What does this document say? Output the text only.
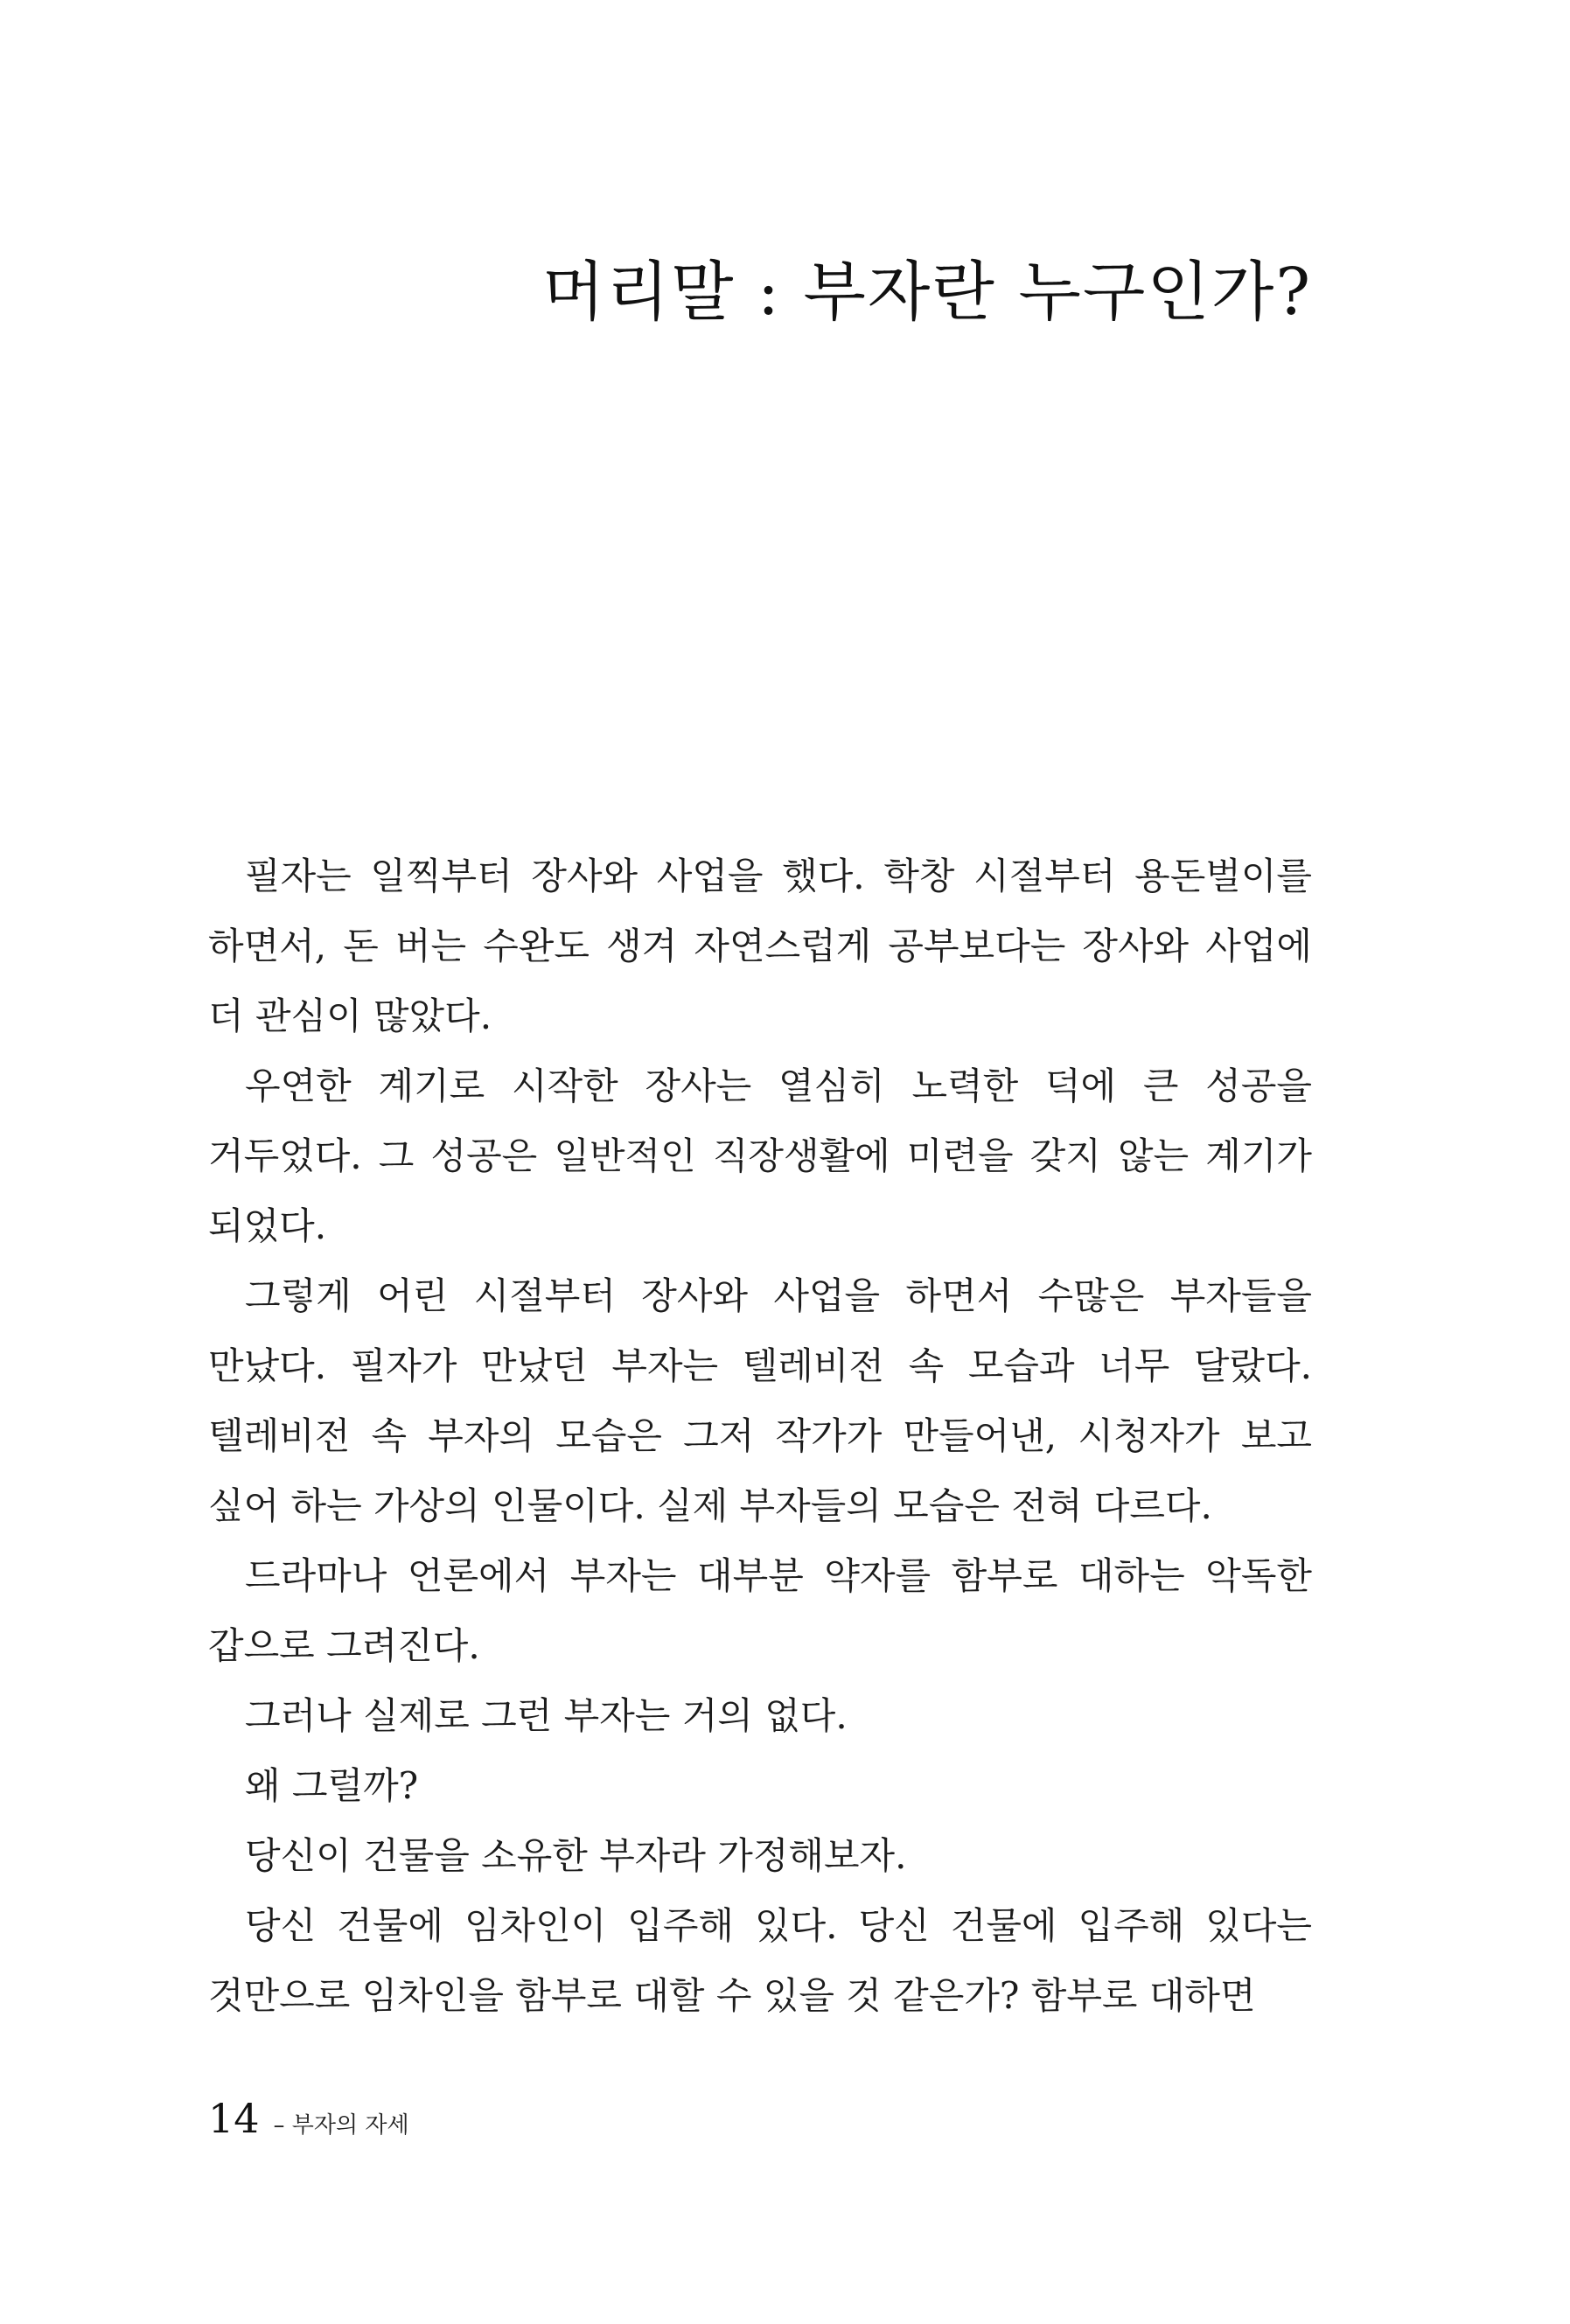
머리말 : 부자란 누구인가?

필자는 일찍부터 장사와 사업을 했다. 학창 시절부터 용돈벌이를 하면서, 돈 버는 수완도 생겨 자연스럽게 공부보다는 장사와 사업에 더 관심이 많았다.

우연한 계기로 시작한 장사는 열심히 노력한 덕에 큰 성공을 거두었다. 그 성공은 일반적인 직장생활에 미련을 갖지 않는 계기가 되었다.

그렇게 어린 시절부터 장사와 사업을 하면서 수많은 부자들을 만났다. 필자가 만났던 부자는 텔레비전 속 모습과 너무 달랐다. 텔레비전 속 부자의 모습은 그저 작가가 만들어낸, 시청자가 보고 싶어 하는 가상의 인물이다. 실제 부자들의 모습은 전혀 다르다.

드라마나 언론에서 부자는 대부분 약자를 함부로 대하는 악독한 갑으로 그려진다.

그러나 실제로 그런 부자는 거의 없다.

왜 그럴까?

당신이 건물을 소유한 부자라 가정해보자.

당신 건물에 임차인이 입주해 있다. 당신 건물에 입주해 있다는 것만으로 임차인을 함부로 대할 수 있을 것 같은가? 함부로 대하면

14 – 부자의 자세
